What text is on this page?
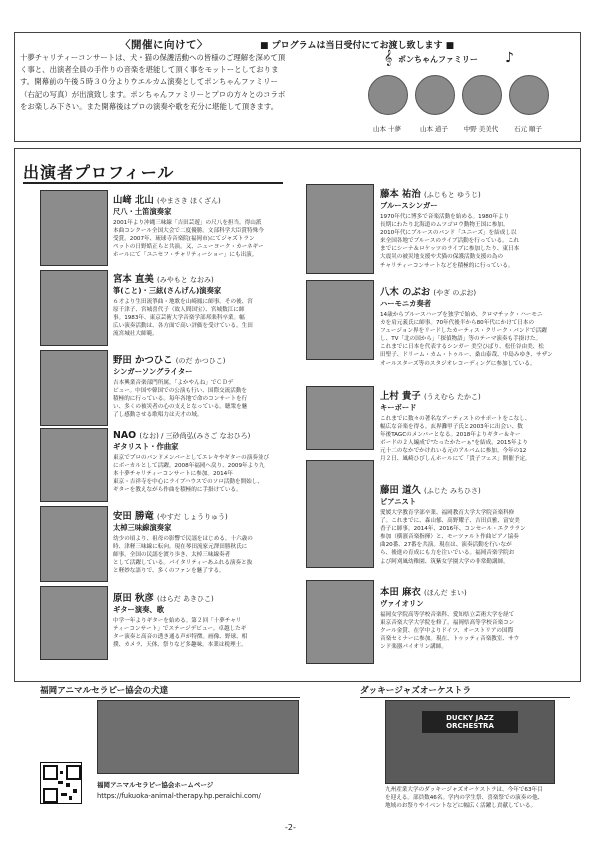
〈開催に向けて〉	■ プログラムは当日受付にてお渡し致します ■
十夢チャリティーコンサートは、犬・猫の保護活動への皆様のご理解を深めて頂
く事と、出演者全員の手作りの音楽を堪能して頂く事をモットーとしておりま
す。開幕前の午後５時３０分よりウエルカム演奏としてポンちゃんファミリー
（右記の写真）が出演致します。ポンちゃんファミリーとプロの方々とのコラボ
をお楽しみ下さい。また開幕後はプロの演奏や歌を充分に堪能して頂きます。
𝄞 ポンちゃんファミリー ♪
山本 十夢	山本 道子	中野 美美代	石元 順子
出演者プロフィール
山﨑 北山 (やまさき ほくざん)
尺八・土笛演奏家
2001年より沖縄三味線「吉田芸遊」の尺八を担当。得山派
本曲コンクール全国大会で二度優勝。文部科学大臣賞特殊今
受賞。2007年、琉球寺音楽院(福岡市)にてジャズトラン
ペットの日野皓正らと共演。又、ニューヨーク・カーネギー
ホールにて「ユニセフ・チャリティーショー」にも出演。
宮本 直美 (みやもと なおみ)
箏(こと)・三絃(さんげん)演奏家
６才より生田流箏曲・地歌を山崎鳳に師事。その後、宮
原千津子、宮城喜代子（故人間国宝）、宮城数江に師
事。1983年、東京芸術大学音楽学部邦楽科卒業。幅
広い演奏活動は、各方面で高い評価を受けている。生田
流宮城社大師範。
野田 かつひこ (のだ かつひこ)
シンガーソングライター
吉本興業音楽部門所属。「よかやんね」でＣＤデ
ビュー。中国や韓国での公演も行い、国際交流活動を
積極的に行っている。毎年各地で命のコンサートを行
い、多くの被災者の心の支えとなっている。聴衆を魅
了し感動させる歌唱力は天才の域。
NAO (なお) / 三砂尚弘(みさご なおひろ)
ギタリスト・作曲家
東京でプロのバンドメンバーとしてエレキやギターの演奏並び
にボーカルとして活躍。2008年福岡へ戻り、2009年より九
本十夢チャリティーコンサートに参加。2014年
東京・吉祥寺を中心にライブハウスでのソロ活動を開始し、
ギターを教えながら作曲を積極的に手掛けている。
安田 勝竜 (やすだ しょうりゅう)
太棹三味線演奏家
幼少の頃より、祖母の影響で民謡をはじめる。十六歳の
時、津軽三味線に転向。現在琴田流家元澤田勝秋氏に
師事。全国の民謡を渡り歩き、太棹三味線奏者
として活躍している。パイタリティーあふれる演奏と抜
と軽妙な語りで、多くのファンを魅了する。
原田 秋彦 (はらだ あきひこ)
ギター演奏、歌
中学一年よりギターを始める。第２回「十夢チャリ
ティーコンサート」でステージデビュー。卓越したギ
ター演奏と高音の透き通る声が特徴。画像、野球、相
撲、カメラ、天体、祭りなど多趣味。本業は税理士。
藤本 祐治 (ふじもと ゆうじ)
ブルースシンガー
1970年代に博多で音楽活動を始める。1980年より
長期にわたり北海道のムツゴロウ動物王国に参加。
2010年代にブルースのバンド「ユニーズ」を結成し以
来全国各地でブルースのライブ活動を行っている。これ
までにシーナ＆ロケッツのライブに参加したり、東日本
大震災の被災地支援や犬猫の保護活動支援の為の
チャリティーコンサートなどを積極的に行っている。
八木 のぶお (やぎ のぶお)
ハーモニカ奏者
14歳からブルースハープを独学で始め、クロマチック・ハーモニ
カを肩元義氏に師事。70年代後半から80年代にかけて日本の
フュージョン界をリードしたカーティス・クリーク・バンドで活躍
し、TV「北の国から」「探偵物語」等のテーマ演奏も手掛けた。
これまでに日本を代表するシンガー 美空ひばり、松任谷由美、松
田聖子、ドリーム・カム・トゥルー、桑山泰哉、中島みゆき、サザン
オールスターズ等のスタジオレコーディングに参加している。
上村 貴子 (うえむら たかこ)
キーボード
これまでに数々の著名なアーティストのサポートをこなし、
幅広な音楽を得る。玄界灘甲子氏と2003年に出会い、数
年後TAGCのメンバーとなる。2018年よりギター＆キー
ボードの２人編成で"たったかたーぁ"を結成。2015年より
元十二のなかでかけれいる元のアルバムに参加。今年の12
月２日、風崎ひびしんホールにて「貴子フェス」開催予定。
藤田 道久 (ふじた みちひさ)
ピアニスト
愛媛大学教育学部卒業、福岡教育大学大学院音楽科修
了。これまでに、森山郁、高野耀子、吉田貞雅、富安美
香子に師事。2014年、2016年、コンセール・エクララン
参加（横濱音楽指揮）と、モーツァルト作曲ピアノ協奏
曲20番、27番を共演。現在は、演奏活動を行いなが
ら、後進の育成にも力を注いでいる。福岡音楽学院お
よび阿刈風幼稚園、筑紫女学園大学の非常勤講師。
本田 麻衣 (ほんだ まい)
ヴァイオリン
福岡女学院高等学校音楽科、愛知県立芸術大学を経て
東京音楽大学大学院を修了。福岡県高等学校音楽コン
クール金賞、在学中よりドイツ、オーストリアの国際
音楽セミナーに参加。現在、トゥッティ音楽教室、サウ
ンド楽器バイオリン講師。
福岡アニマルセラピー協会の犬達
福岡アニマルセラピー協会ホームページ
https://fukuoka-animal-therapy.hp.peraichi.com/
ダッキージャズオーケストラ
DUCKY JAZZ ORCHESTRA
九州産業大学のダッキージャズオーケストラは、今年で63年目
を迎える。部員数46名。学内の学生祭、喜楽祭での演奏の他、
地域のお祭りやイベントなどに幅広く活躍し貢献している。
-2-
